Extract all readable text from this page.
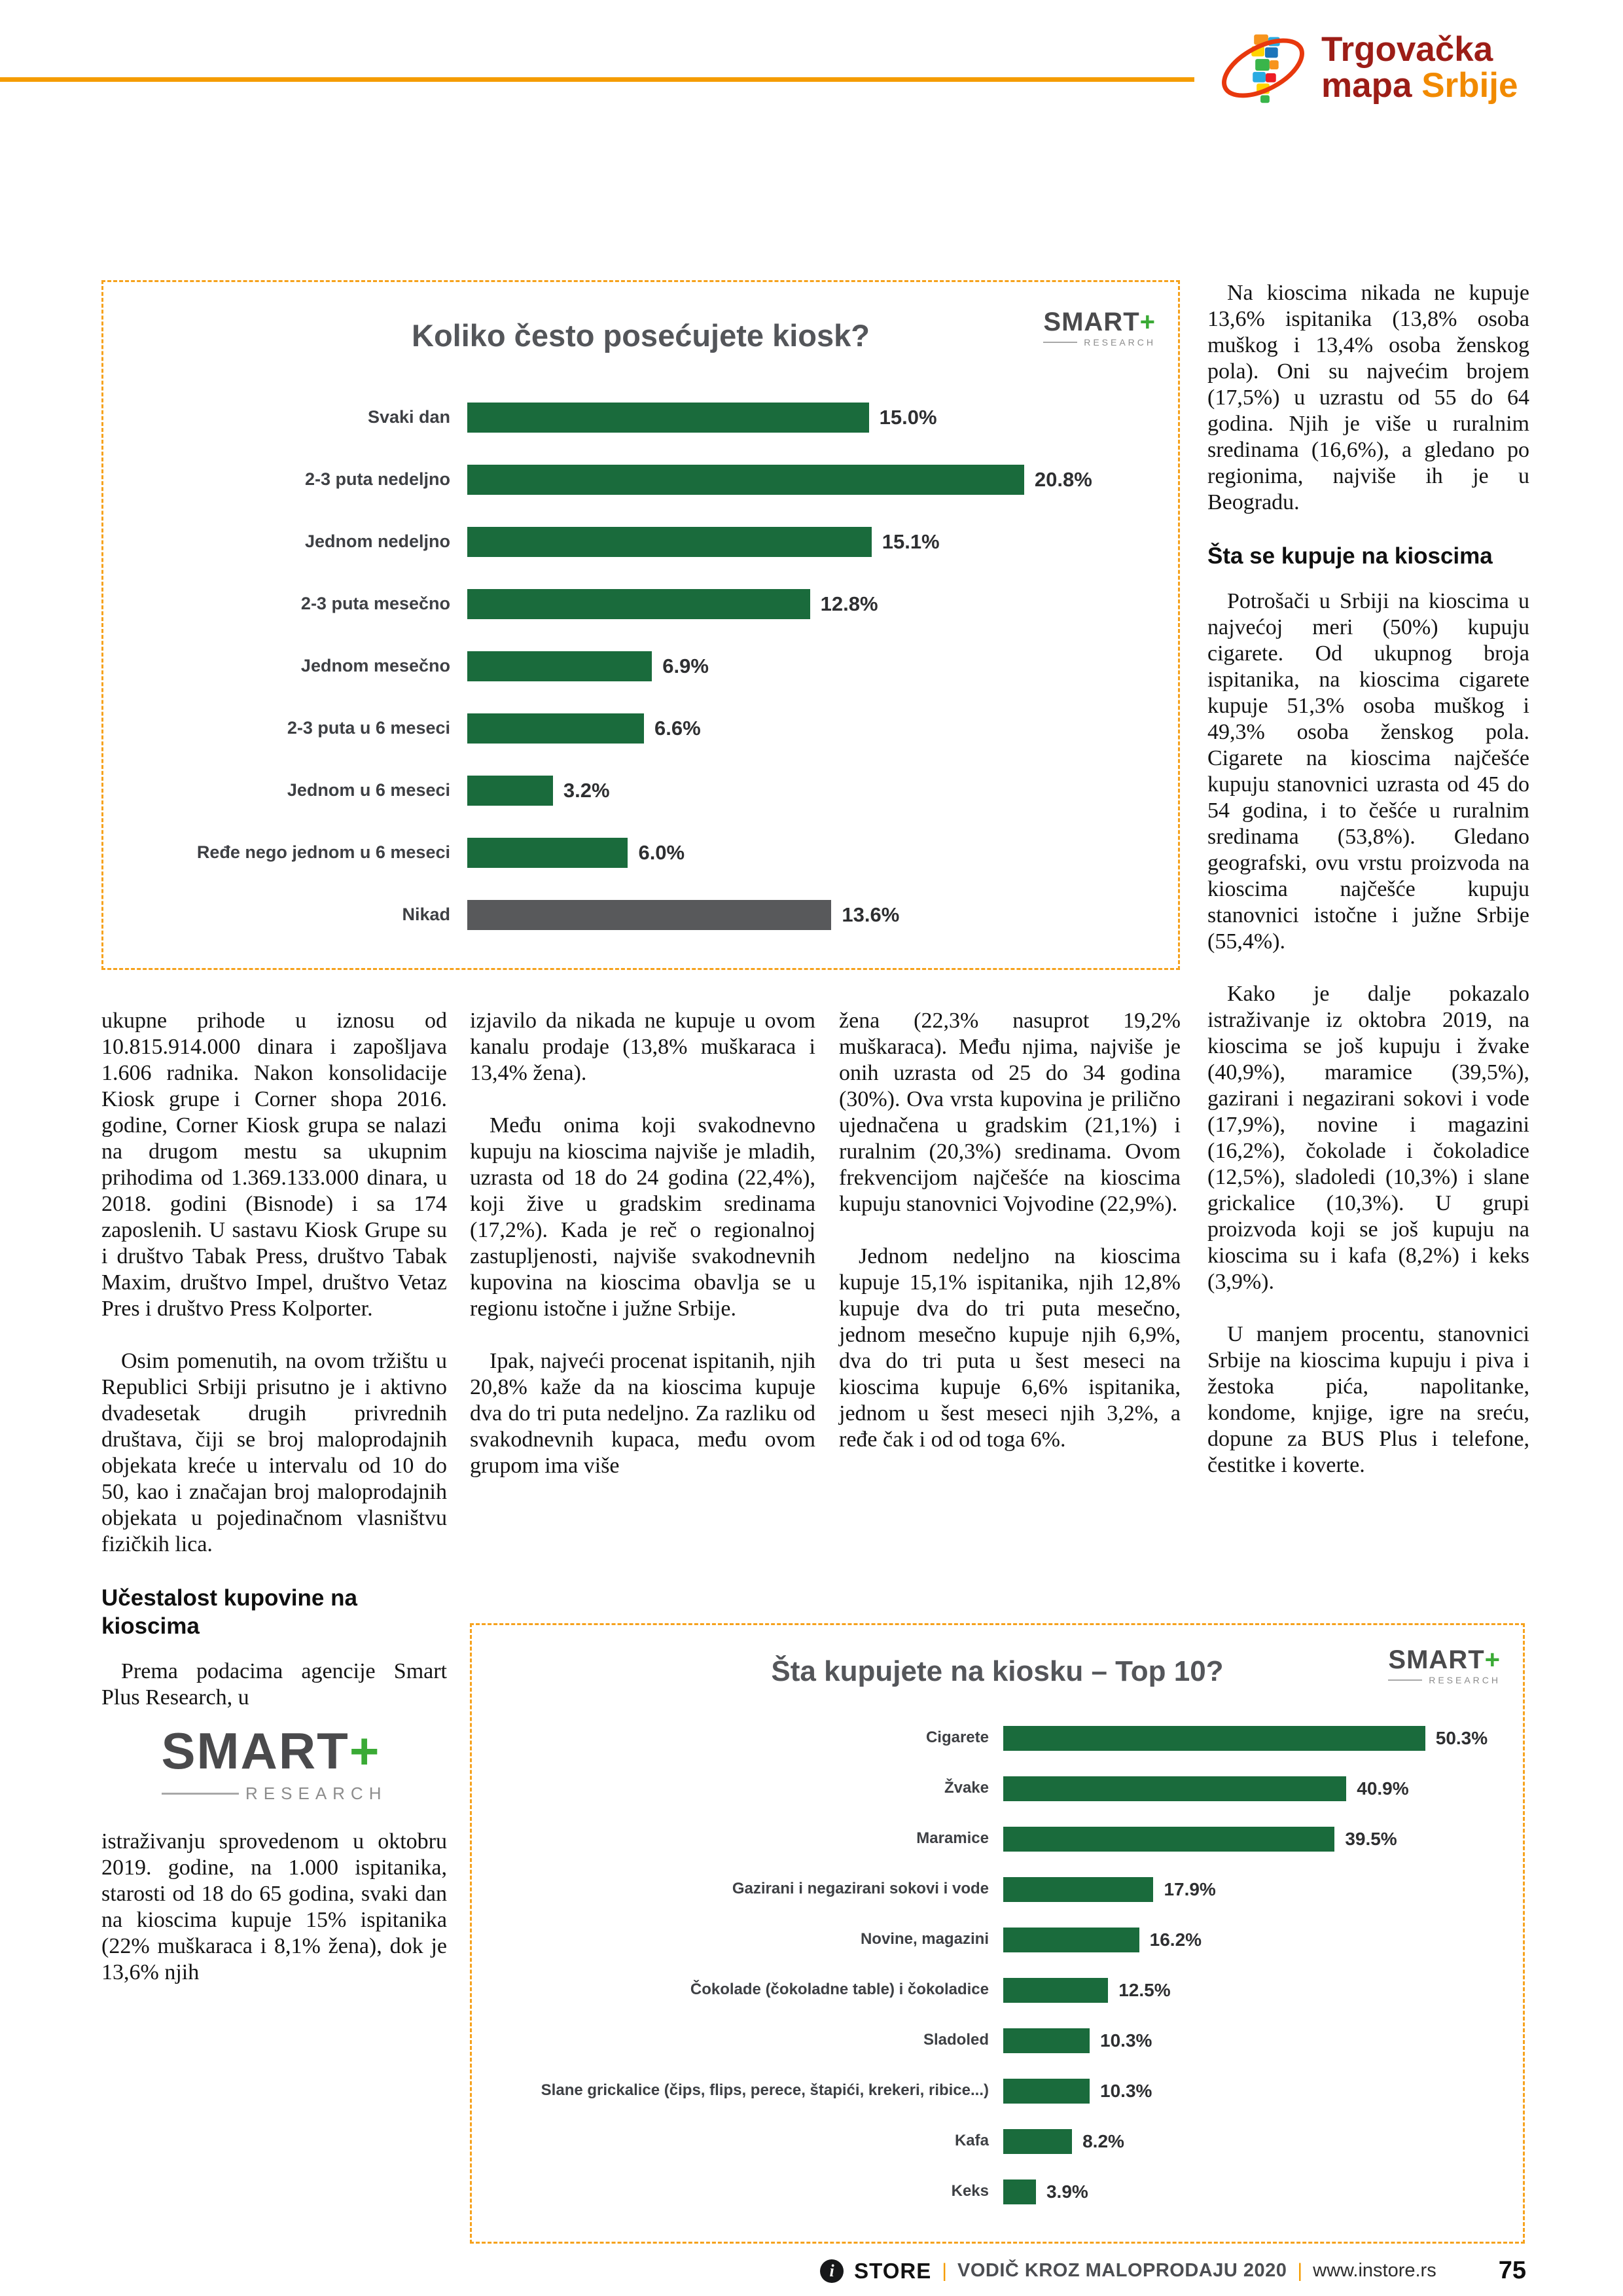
Trgovačka
mapa Srbije
Koliko često posećujete kiosk?	SMART+
RESEARCH
Svaki dan	15.0%
2-3 puta nedeljno	20.8%
Jednom nedeljno	15.1%
2-3 puta mesečno	12.8%
Jednom mesečno	6.9%
2-3 puta u 6 meseci	6.6%
Jednom u 6 meseci	3.2%
Ređe nego jednom u 6 meseci	6.0%
Nikad	13.6%
Šta kupujete na kiosku – Top 10?	SMART+
RESEARCH
Cigarete	50.3%
Žvake	40.9%
Maramice	39.5%
Gazirani i negazirani sokovi i vode	17.9%
Novine, magazini	16.2%
Čokolade (čokoladne table) i čokoladice	12.5%
Sladoled	10.3%
Slane grickalice (čips, flips, perece, štapići, krekeri, ribice...)	10.3%
Kafa	8.2%
Keks	3.9%

ukupne prihode u iznosu od 10.815.914.000 dinara i zapošljava 1.606 radnika. Nakon konsolidacije Kiosk grupe i Corner shopa 2016. godine, Corner Kiosk grupa se nalazi na drugom mestu sa ukupnim prihodima od 1.369.133.000 dinara, u 2018. godini (Bisnode) i sa 174 zaposlenih. U sastavu Kiosk Grupe su i društvo Tabak Press, društvo Tabak Maxim, društvo Impel, društvo Vetaz Pres i društvo Press Kolporter.

Osim pomenutih, na ovom tržištu u Republici Srbiji prisutno je i aktivno dvadesetak drugih privrednih društava, čiji se broj maloprodajnih objekata kreće u intervalu od 10 do 50, kao i značajan broj maloprodajnih objekata u pojedinačnom vlasništvu fizičkih lica.

Učestalost kupovine na kioscima

Prema podacima agencije Smart Plus Research, u

SMART+
RESEARCH

istraživanju sprovedenom u oktobru 2019. godine, na 1.000 ispitanika, starosti od 18 do 65 godina, svaki dan na kioscima kupuje 15% ispitanika (22% muškaraca i 8,1% žena), dok je 13,6% njih

izjavilo da nikada ne kupuje u ovom kanalu prodaje (13,8% muškaraca i 13,4% žena).

Među onima koji svakodnevno kupuju na kioscima najviše je mladih, uzrasta od 18 do 24 godina (22,4%), koji žive u gradskim sredinama (17,2%). Kada je reč o regionalnoj zastupljenosti, najviše svakodnevnih kupovina na kioscima obavlja se u regionu istočne i južne Srbije.

Ipak, najveći procenat ispitanih, njih 20,8% kaže da na kioscima kupuje dva do tri puta nedeljno. Za razliku od svakodnevnih kupaca, među ovom grupom ima više

žena (22,3% nasuprot 19,2% muškaraca). Među njima, najviše je onih uzrasta od 25 do 34 godina (30%). Ova vrsta kupovina je prilično ujednačena u gradskim (21,1%) i ruralnim (20,3%) sredinama. Ovom frekvencijom najčešće na kioscima kupuju stanovnici Vojvodine (22,9%).

Jednom nedeljno na kioscima kupuje 15,1% ispitanika, njih 12,8% kupuje dva do tri puta mesečno, jednom mesečno kupuje njih 6,9%, dva do tri puta u šest meseci na kioscima kupuje 6,6% ispitanika, jednom u šest meseci njih 3,2%, a ređe čak i od od toga 6%.

Na kioscima nikada ne kupuje 13,6% ispitanika (13,8% osoba muškog i 13,4% osoba ženskog pola). Oni su najvećim brojem (17,5%) u uzrastu od 55 do 64 godina. Njih je više u ruralnim sredinama (16,6%), a gledano po regionima, najviše ih je u Beogradu.

Šta se kupuje na kioscima

Potrošači u Srbiji na kioscima u najvećoj meri (50%) kupuju cigarete. Od ukupnog broja ispitanika, na kioscima cigarete kupuje 51,3% osoba muškog i 49,3% osoba ženskog pola. Cigarete na kioscima najčešće kupuju stanovnici uzrasta od 45 do 54 godina, i to češće u ruralnim sredinama (53,8%). Gledano geografski, ovu vrstu proizvoda na kioscima najčešće kupuju stanovnici istočne i južne Srbije (55,4%).

Kako je dalje pokazalo istraživanje iz oktobra 2019, na kioscima se još kupuju i žvake (40,9%), maramice (39,5%), gazirani i negazirani sokovi i vode (17,9%), novine i magazini (16,2%), čokolade i čokoladice (12,5%), sladoledi (10,3%) i slane grickalice (10,3%). U grupi proizvoda koji se još kupuju na kioscima su i kafa (8,2%) i keks (3,9%).

U manjem procentu, stanovnici Srbije na kioscima kupuju i piva i žestoka pića, napolitanke, kondome, knjige, igre na sreću, dopune za BUS Plus i telefone, čestitke i koverte.

i STORE | VODIČ KROZ MALOPRODAJU 2020 | www.instore.rs	75
